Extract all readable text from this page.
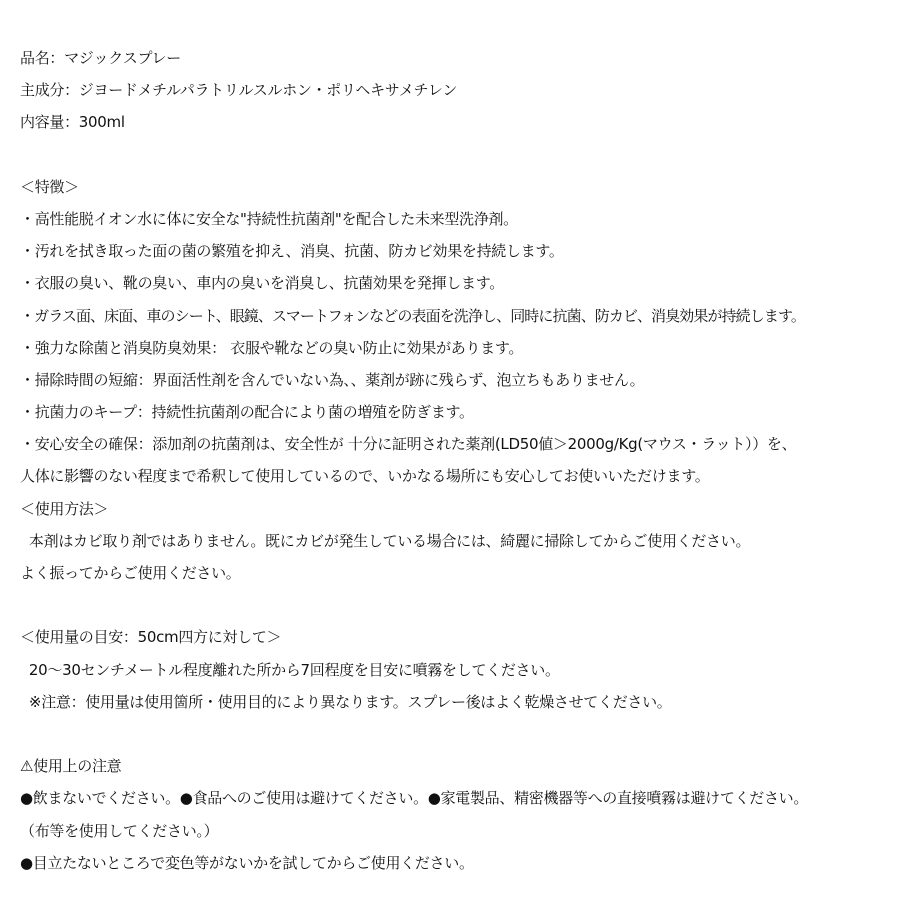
品名：マジックスプレー
主成分：ジヨードメチルパラトリルスルホン・ポリヘキサメチレン
内容量：300ml
＜特徴＞
・高性能脱イオン水に体に安全な"持続性抗菌剤"を配合した未来型洗浄剤。
・汚れを拭き取った面の菌の繁殖を抑え、消臭、抗菌、防カビ効果を持続します。
・衣服の臭い、靴の臭い、車内の臭いを消臭し、抗菌効果を発揮します。
・ガラス面、床面、車のシート、眼鏡、スマートフォンなどの表面を洗浄し、同時に抗菌、防カビ、消臭効果が持続します。
・強力な除菌と消臭防臭効果： 衣服や靴などの臭い防止に効果があります。
・掃除時間の短縮：界面活性剤を含んでいない為、、薬剤が跡に残らず、泡立ちもありません。
・抗菌力のキープ：持続性抗菌剤の配合により菌の増殖を防ぎます。
・安心安全の確保：添加剤の抗菌剤は、安全性が 十分に証明された薬剤(LD50値＞2000g/Kg(マウス・ラット））を、
人体に影響のない程度まで希釈して使用しているので、いかなる場所にも安心してお使いいただけます。
＜使用方法＞
本剤はカビ取り剤ではありません。既にカビが発生している場合には、綺麗に掃除してからご使用ください。
よく振ってからご使用ください。
＜使用量の目安：50cm四方に対して＞
20〜30センチメートル程度離れた所から7回程度を目安に噴霧をしてください。
※注意：使用量は使用箇所・使用目的により異なります。スプレー後はよく乾燥させてください。
⚠使用上の注意
●飲まないでください。●食品へのご使用は避けてください。●家電製品、精密機器等への直接噴霧は避けてください。
（布等を使用してください。）
●目立たないところで変色等がないかを試してからご使用ください。
